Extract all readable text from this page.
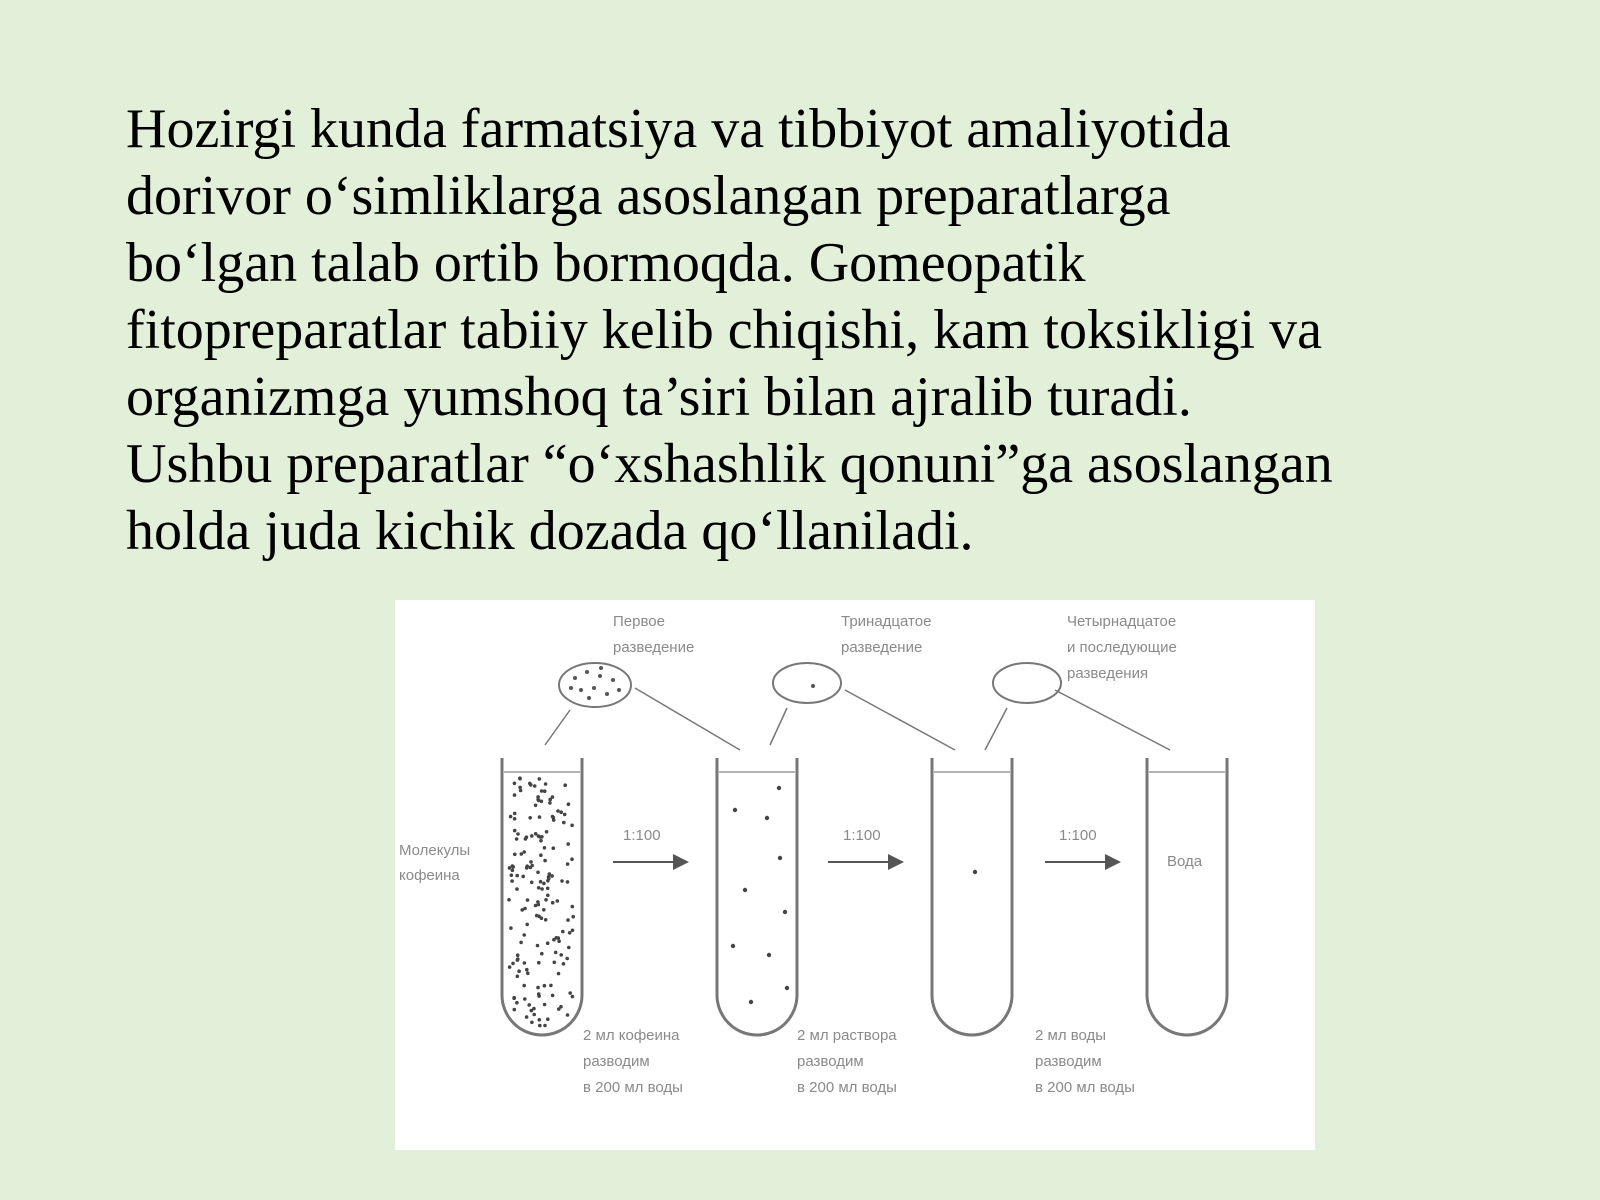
Hozirgi kunda farmatsiya va tibbiyot amaliyotida
dorivor o‘simliklarga asoslangan preparatlarga
bo‘lgan talab ortib bormoqda. Gomeopatik
fitopreparatlar tabiiy kelib chiqishi, kam toksikligi va
organizmga yumshoq ta’siri bilan ajralib turadi.
Ushbu preparatlar “o‘xshashlik qonuni”ga asoslangan
holda juda kichik dozada qo‘llaniladi.
Первое
разведение
Тринадцатое
разведение
Четырнадцатое
и последующие
разведения
Молекулы
кофеина
1:100	1:100	1:100
Вода
2 мл кофеина
разводим
в 200 мл воды
2 мл раствора
разводим
в 200 мл воды
2 мл воды
разводим
в 200 мл воды
